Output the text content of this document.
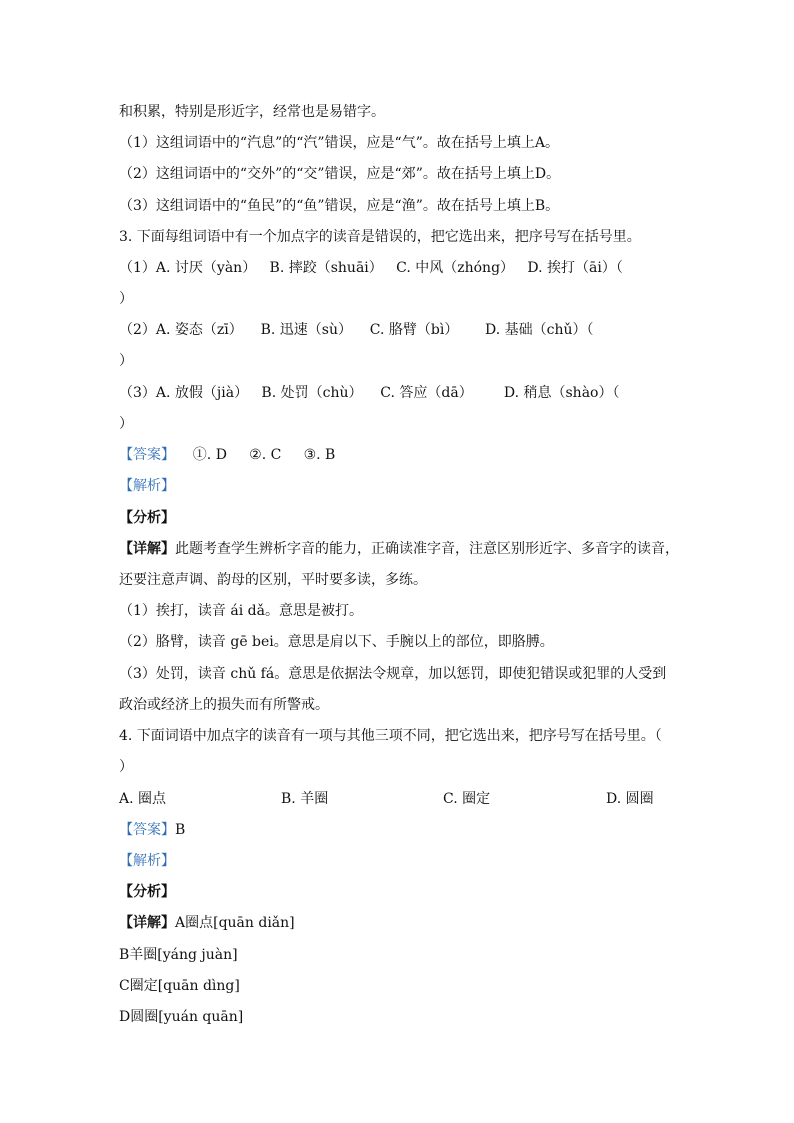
和积累，特别是形近字，经常也是易错字。
（1）这组词语中的“汽息”的“汽”错误，应是“气”。故在括号上填上A。
（2）这组词语中的“交外”的“交”错误，应是“郊”。故在括号上填上D。
（3）这组词语中的“鱼民”的“鱼”错误，应是“渔”。故在括号上填上B。
3. 下面每组词语中有一个加点字的读音是错误的，把它选出来，把序号写在括号里。
（1）A. 讨厌（yàn）   B. 摔跤（shuāi）   C. 中风（zhóng）   D. 挨打（āi）（
）
（2）A. 姿态（zī）    B. 迅速（sù）    C. 胳臂（bì）      D. 基础（chǔ）（
）
（3）A. 放假（jià）   B. 处罚（chù）    C. 答应（dā）       D. 稍息（shào）（
）
【答案】    ①. D     ②. C     ③. B
【解析】
【分析】
【详解】此题考查学生辨析字音的能力，正确读准字音，注意区别形近字、多音字的读音，
还要注意声调、韵母的区别，平时要多读，多练。
（1）挨打，读音 ái dǎ。意思是被打。
（2）胳臂，读音 gē bei。意思是肩以下、手腕以上的部位，即胳膊。
（3）处罚，读音 chǔ fá。意思是依据法令规章，加以惩罚，即使犯错误或犯罪的人受到
政治或经济上的损失而有所警戒。
4. 下面词语中加点字的读音有一项与其他三项不同，把它选出来，把序号写在括号里。（
）
A. 圈点	B. 羊圈	C. 圈定	D. 圆圈
【答案】B
【解析】
【分析】
【详解】A圈点[quān diǎn]
B羊圈[yáng juàn]
C圈定[quān dìng]
D圆圈[yuán quān]
